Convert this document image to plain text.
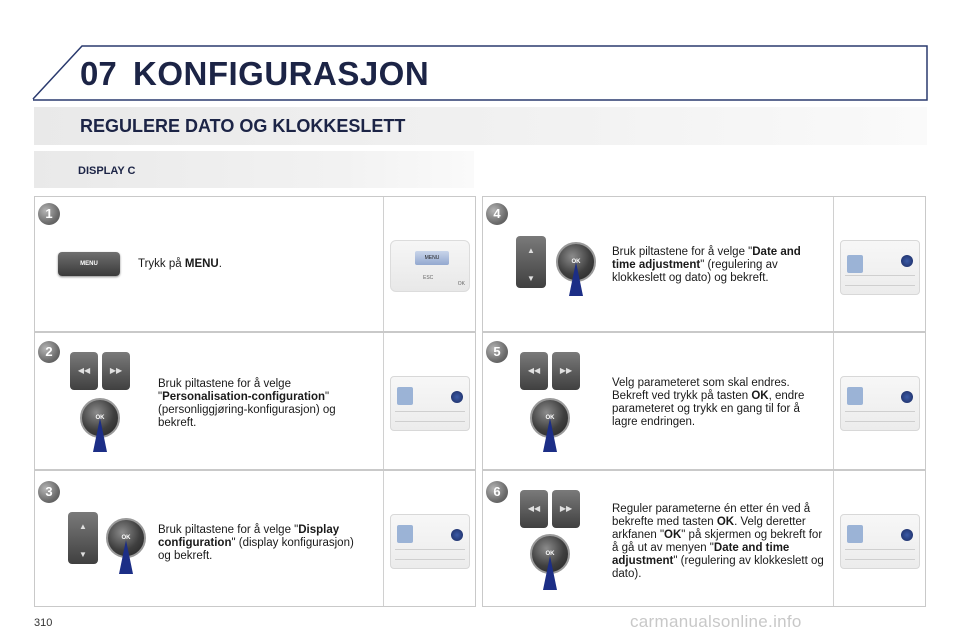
07 KONFIGURASJON
REGULERE DATO OG KLOKKESLETT
DISPLAY C
1
2
3
4
5
6
MENU	Trykk på MENU.	MENU
ESC
OK
◀◀	▶▶
OK
Bruk piltastene for å velge "Personalisation-configuration" (personliggjøring-konfigurasjon) og bekreft.
▲

▼
OK
Bruk piltastene for å velge "Display configuration" (display konfigurasjon) og bekreft.
▲

▼
OK
Bruk piltastene for å velge "Date and time adjustment" (regulering av klokkeslett og dato) og bekreft.
◀◀	▶▶
OK
Velg parameteret som skal endres. Bekreft ved trykk på tasten OK, endre parameteret og trykk en gang til for å lagre endringen.
◀◀	▶▶
OK
Reguler parameterne én etter én ved å bekrefte med tasten OK. Velg deretter arkfanen "OK" på skjermen og bekreft for å gå ut av menyen "Date and time adjustment" (regulering av klokkeslett og dato).
310	carmanualsonline.info
